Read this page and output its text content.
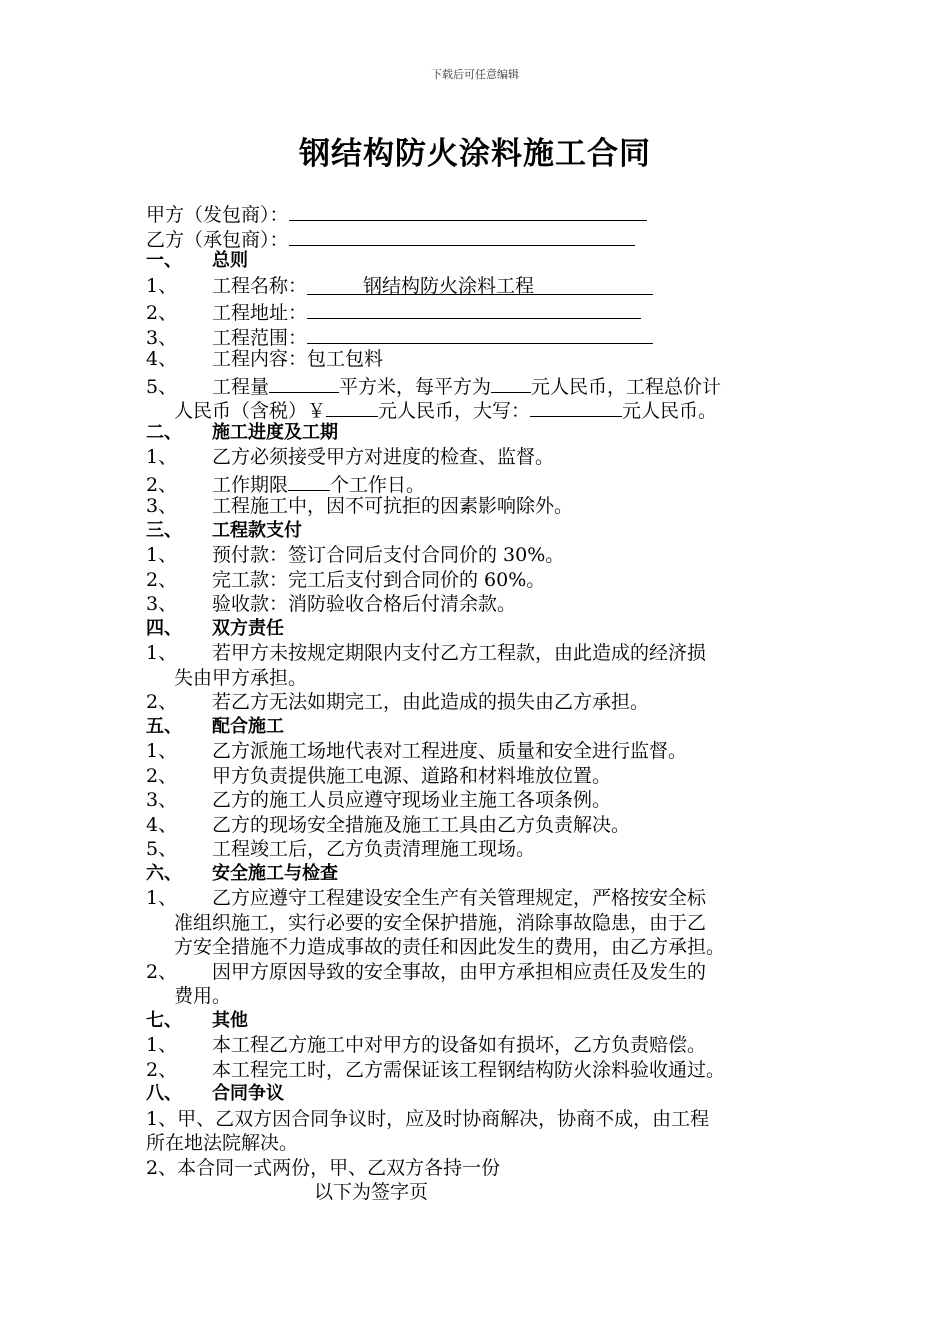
下载后可任意编辑
钢结构防火涂料施工合同
甲方（发包商）：
乙方（承包商）：
一、 总则
1、 工程名称：	钢结构防火涂料工程
2、 工程地址：
3、 工程范围：
4、 工程内容：包工包料
5、 工程量	平方米，每平方为 元人民币，工程总价计
人民币（含税）￥	元人民币，大写：	元人民币。
二、 施工进度及工期
1、 乙方必须接受甲方对进度的检查、监督。
2、 工作期限 个工作日。
3、 工程施工中，因不可抗拒的因素影响除外。
三、 工程款支付
1、 预付款：签订合同后支付合同价的 30%。
2、 完工款：完工后支付到合同价的 60%。
3、 验收款：消防验收合格后付清余款。
四、 双方责任
1、 若甲方未按规定期限内支付乙方工程款，由此造成的经济损
失由甲方承担。
2、 若乙方无法如期完工，由此造成的损失由乙方承担。
五、 配合施工
1、 乙方派施工场地代表对工程进度、质量和安全进行监督。
2、 甲方负责提供施工电源、道路和材料堆放位置。
3、 乙方的施工人员应遵守现场业主施工各项条例。
4、 乙方的现场安全措施及施工工具由乙方负责解决。
5、 工程竣工后，乙方负责清理施工现场。
六、 安全施工与检查
1、 乙方应遵守工程建设安全生产有关管理规定，严格按安全标
准组织施工，实行必要的安全保护措施，消除事故隐患，由于乙
方安全措施不力造成事故的责任和因此发生的费用，由乙方承担。
2、 因甲方原因导致的安全事故，由甲方承担相应责任及发生的
费用。
七、 其他
1、 本工程乙方施工中对甲方的设备如有损坏，乙方负责赔偿。
2、 本工程完工时，乙方需保证该工程钢结构防火涂料验收通过。
八、 合同争议
1、甲、乙双方因合同争议时，应及时协商解决，协商不成，由工程
所在地法院解决。
2、本合同一式两份，甲、乙双方各持一份
以下为签字页
